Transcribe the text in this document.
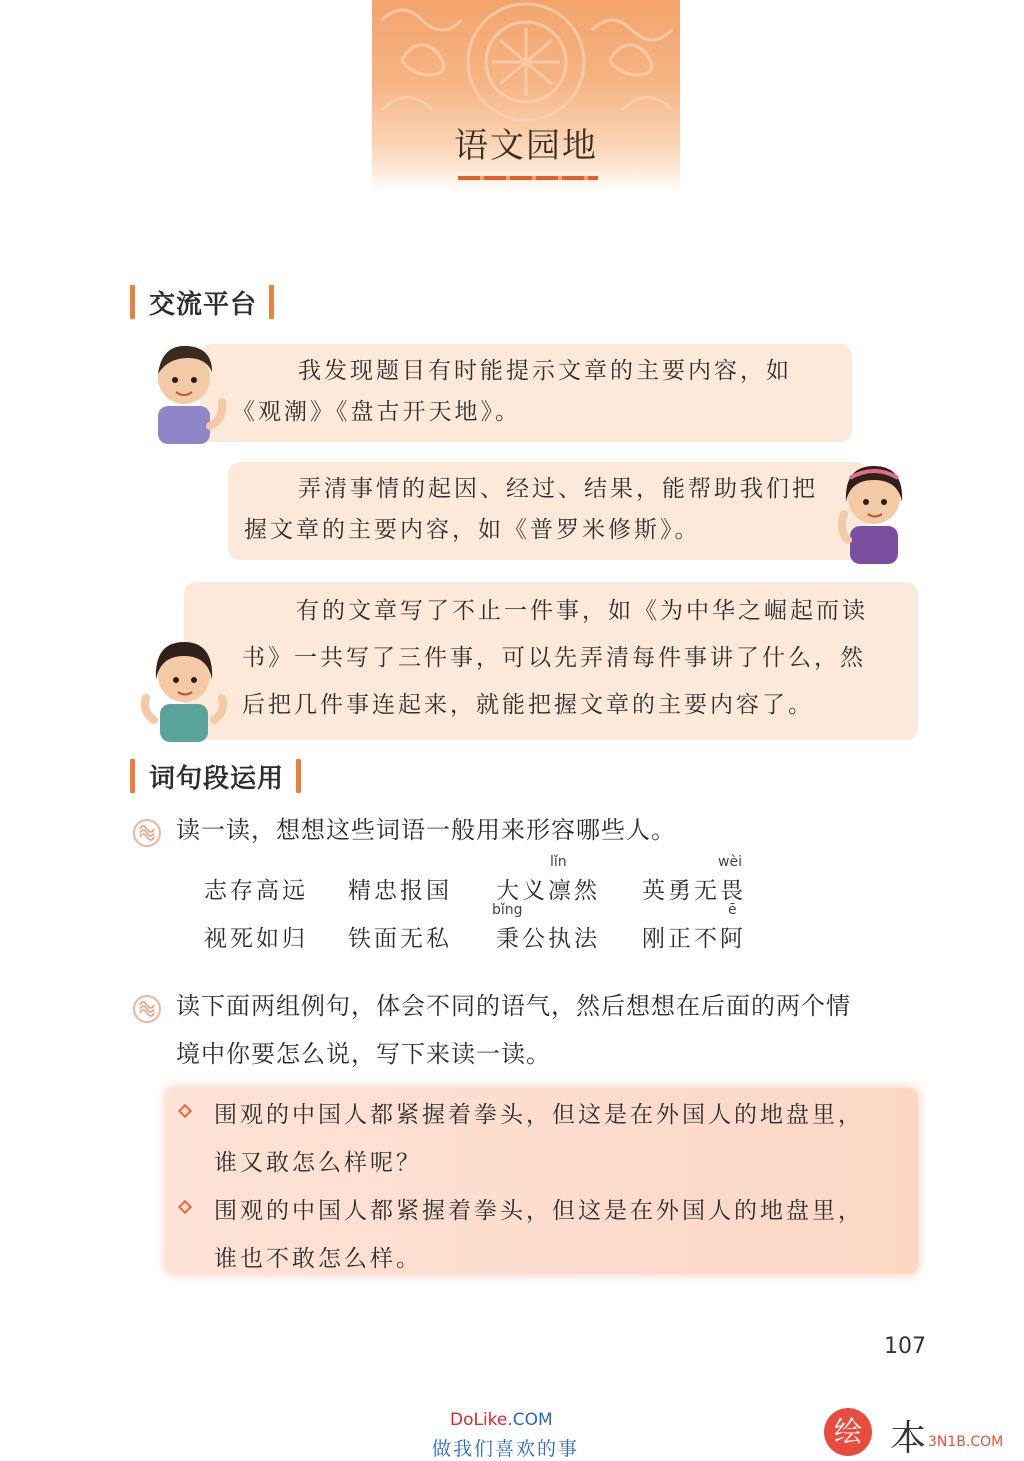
语文园地
交流平台

我发现题目有时能提示文章的主要内容，如

《观潮》《盘古开天地》。

弄清事情的起因、经过、结果，能帮助我们把

握文章的主要内容，如《普罗米修斯》。

有的文章写了不止一件事，如《为中华之崛起而读

书》一共写了三件事，可以先弄清每件事讲了什么，然

后把几件事连起来，就能把握文章的主要内容了。

词句段运用
读一读，想想这些词语一般用来形容哪些人。
志存高远 精忠报国 大义凛然 英勇无畏
lǐn	wèi
bǐng	ē
视死如归 铁面无私 秉公执法 刚正不阿
读下面两组例句，体会不同的语气，然后想想在后面的两个情
境中你要怎么说，写下来读一读。
围观的中国人都紧握着拳头，但这是在外国人的地盘里，
谁又敢怎么样呢？
围观的中国人都紧握着拳头，但这是在外国人的地盘里，
谁也不敢怎么样。
107
DoLike.COM
做我们喜欢的事
绘 本 3N1B.COM
